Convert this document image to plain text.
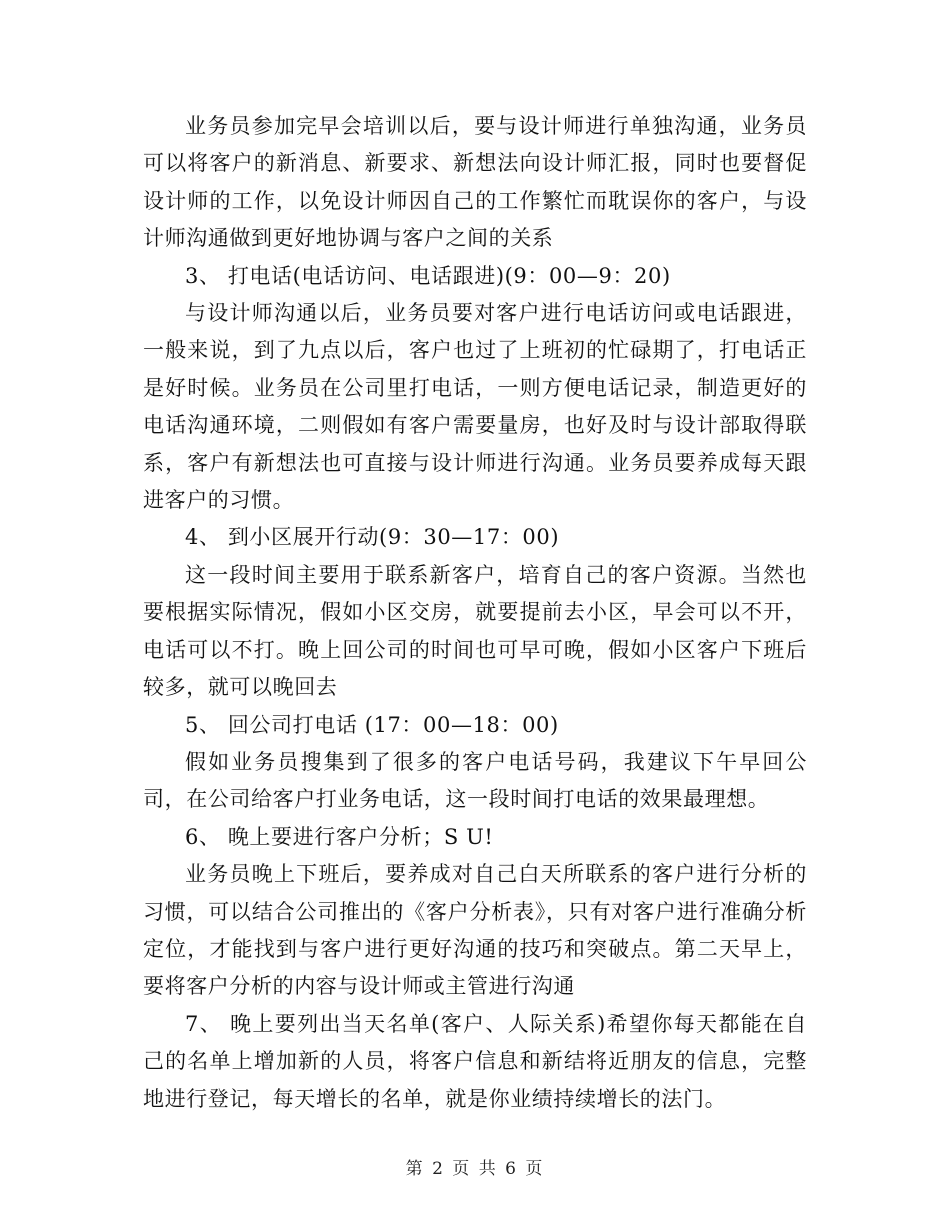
业务员参加完早会培训以后，要与设计师进行单独沟通，业务员可以将客户的新消息、新要求、新想法向设计师汇报，同时也要督促设计师的工作，以免设计师因自己的工作繁忙而耽误你的客户，与设计师沟通做到更好地协调与客户之间的关系

3、 打电话(电话访问、电话跟进)(9：00—9：20)

与设计师沟通以后，业务员要对客户进行电话访问或电话跟进，一般来说，到了九点以后，客户也过了上班初的忙碌期了，打电话正是好时候。业务员在公司里打电话，一则方便电话记录，制造更好的电话沟通环境，二则假如有客户需要量房，也好及时与设计部取得联系，客户有新想法也可直接与设计师进行沟通。业务员要养成每天跟进客户的习惯。

4、 到小区展开行动(9：30—17：00)

这一段时间主要用于联系新客户，培育自己的客户资源。当然也要根据实际情况，假如小区交房，就要提前去小区，早会可以不开，电话可以不打。晚上回公司的时间也可早可晚，假如小区客户下班后较多，就可以晚回去

5、 回公司打电话 (17：00—18：00)

假如业务员搜集到了很多的客户电话号码，我建议下午早回公司，在公司给客户打业务电话，这一段时间打电话的效果最理想。

6、 晚上要进行客户分析；S U!

业务员晚上下班后，要养成对自己白天所联系的客户进行分析的习惯，可以结合公司推出的《客户分析表》，只有对客户进行准确分析定位，才能找到与客户进行更好沟通的技巧和突破点。第二天早上，要将客户分析的内容与设计师或主管进行沟通

7、 晚上要列出当天名单(客户、人际关系)希望你每天都能在自己的名单上增加新的人员，将客户信息和新结将近朋友的信息，完整地进行登记，每天增长的名单，就是你业绩持续增长的法门。

第 2 页 共 6 页
